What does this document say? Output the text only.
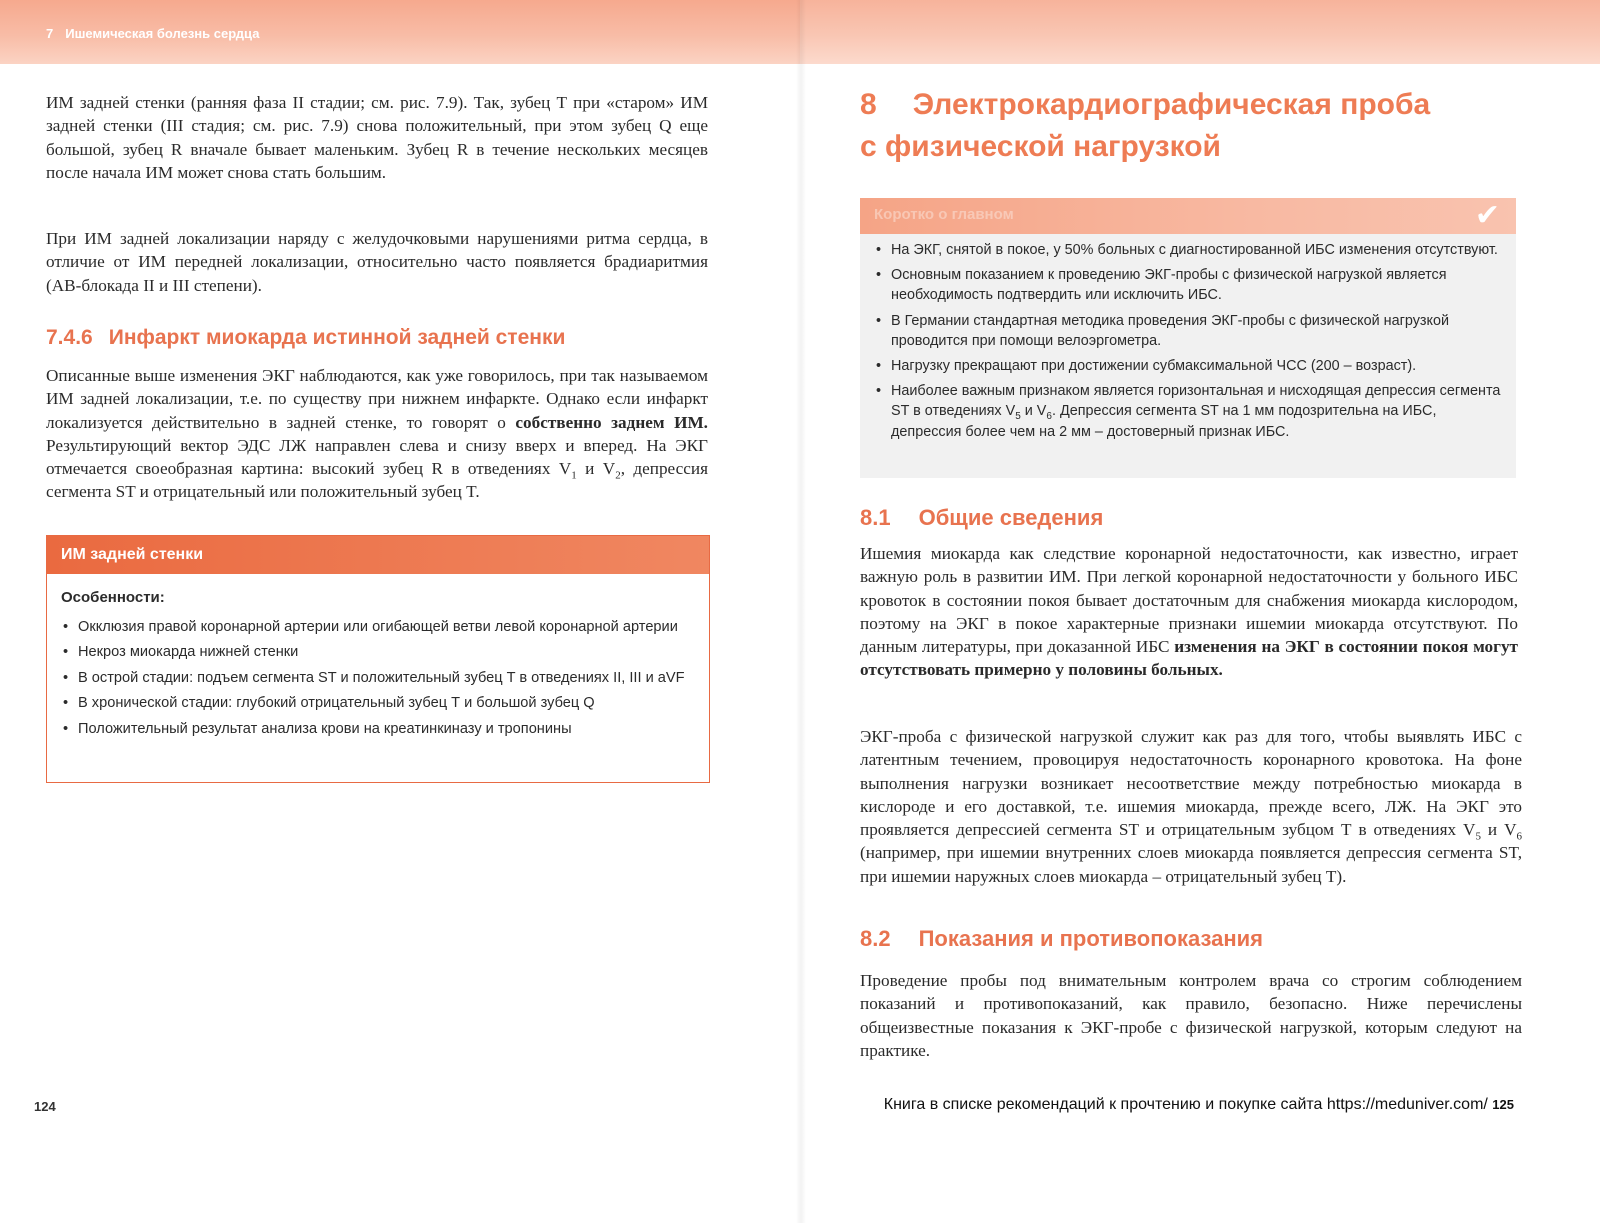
7 Ишемическая болезнь сердца

ИМ задней стенки (ранняя фаза II стадии; см. рис. 7.9). Так, зубец Т при «старом» ИМ задней стенки (III стадия; см. рис. 7.9) снова положительный, при этом зубец Q еще большой, зубец R вначале бывает маленьким. Зубец R в течение нескольких месяцев после начала ИМ может снова стать большим.

При ИМ задней локализации наряду с желудочковыми нарушениями ритма сердца, в отличие от ИМ передней локализации, относительно часто появляется брадиаритмия (АВ-блокада II и III степени).

7.4.6 Инфаркт миокарда истинной задней стенки

Описанные выше изменения ЭКГ наблюдаются, как уже говорилось, при так называемом ИМ задней локализации, т.е. по существу при нижнем инфаркте. Однако если инфаркт локализуется действительно в задней стенке, то говорят о собственно заднем ИМ. Результирующий вектор ЭДС ЛЖ направлен слева и снизу вверх и вперед. На ЭКГ отмечается своеобразная картина: высокий зубец R в отведениях $V_1$ и $V_2$, депрессия сегмента ST и отрицательный или положительный зубец T.

ИМ задней стенки
Особенности:
• Окклюзия правой коронарной артерии или огибающей ветви левой коронарной артерии
• Некроз миокарда нижней стенки
• В острой стадии: подъем сегмента ST и положительный зубец T в отведениях II, III и aVF
• В хронической стадии: глубокий отрицательный зубец Т и большой зубец Q
• Положительный результат анализа крови на креатинкиназу и тропонины
124
8 Электрокардиографическая проба
с физической нагрузкой
Коротко о главном	✔
• На ЭКГ, снятой в покое, у 50% больных с диагностированной ИБС изменения отсутствуют.
• Основным показанием к проведению ЭКГ-пробы с физической нагрузкой является необходимость подтвердить или исключить ИБС.
• В Германии стандартная методика проведения ЭКГ-пробы с физической нагрузкой проводится при помощи велоэргометра.
• Нагрузку прекращают при достижении субмаксимальной ЧСС (200 – возраст).
• Наиболее важным признаком является горизонтальная и нисходящая депрессия сегмента ST в отведениях $V_5$ и $V_6$. Депрессия сегмента ST на 1 мм подозрительна на ИБС, депрессия более чем на 2 мм – достоверный признак ИБС.
8.1 Общие сведения

Ишемия миокарда как следствие коронарной недостаточности, как известно, играет важную роль в развитии ИМ. При легкой коронарной недостаточности у больного ИБС кровоток в состоянии покоя бывает достаточным для снабжения миокарда кислородом, поэтому на ЭКГ в покое характерные признаки ишемии миокарда отсутствуют. По данным литературы, при доказанной ИБС изменения на ЭКГ в состоянии покоя могут отсутствовать примерно у половины больных.

ЭКГ-проба с физической нагрузкой служит как раз для того, чтобы выявлять ИБС с латентным течением, провоцируя недостаточность коронарного кровотока. На фоне выполнения нагрузки возникает несоответствие между потребностью миокарда в кислороде и его доставкой, т.е. ишемия миокарда, прежде всего, ЛЖ. На ЭКГ это проявляется депрессией сегмента ST и отрицательным зубцом Т в отведениях $V_5$ и $V_6$ (например, при ишемии внутренних слоев миокарда появляется депрессия сегмента ST, при ишемии наружных слоев миокарда – отрицательный зубец Т).

8.2 Показания и противопоказания

Проведение пробы под внимательным контролем врача со строгим соблюдением показаний и противопоказаний, как правило, безопасно. Ниже перечислены общеизвестные показания к ЭКГ-пробе с физической нагрузкой, которым следуют на практике.

Книга в списке рекомендаций к прочтению и покупке сайта https://meduniver.com/ 125
